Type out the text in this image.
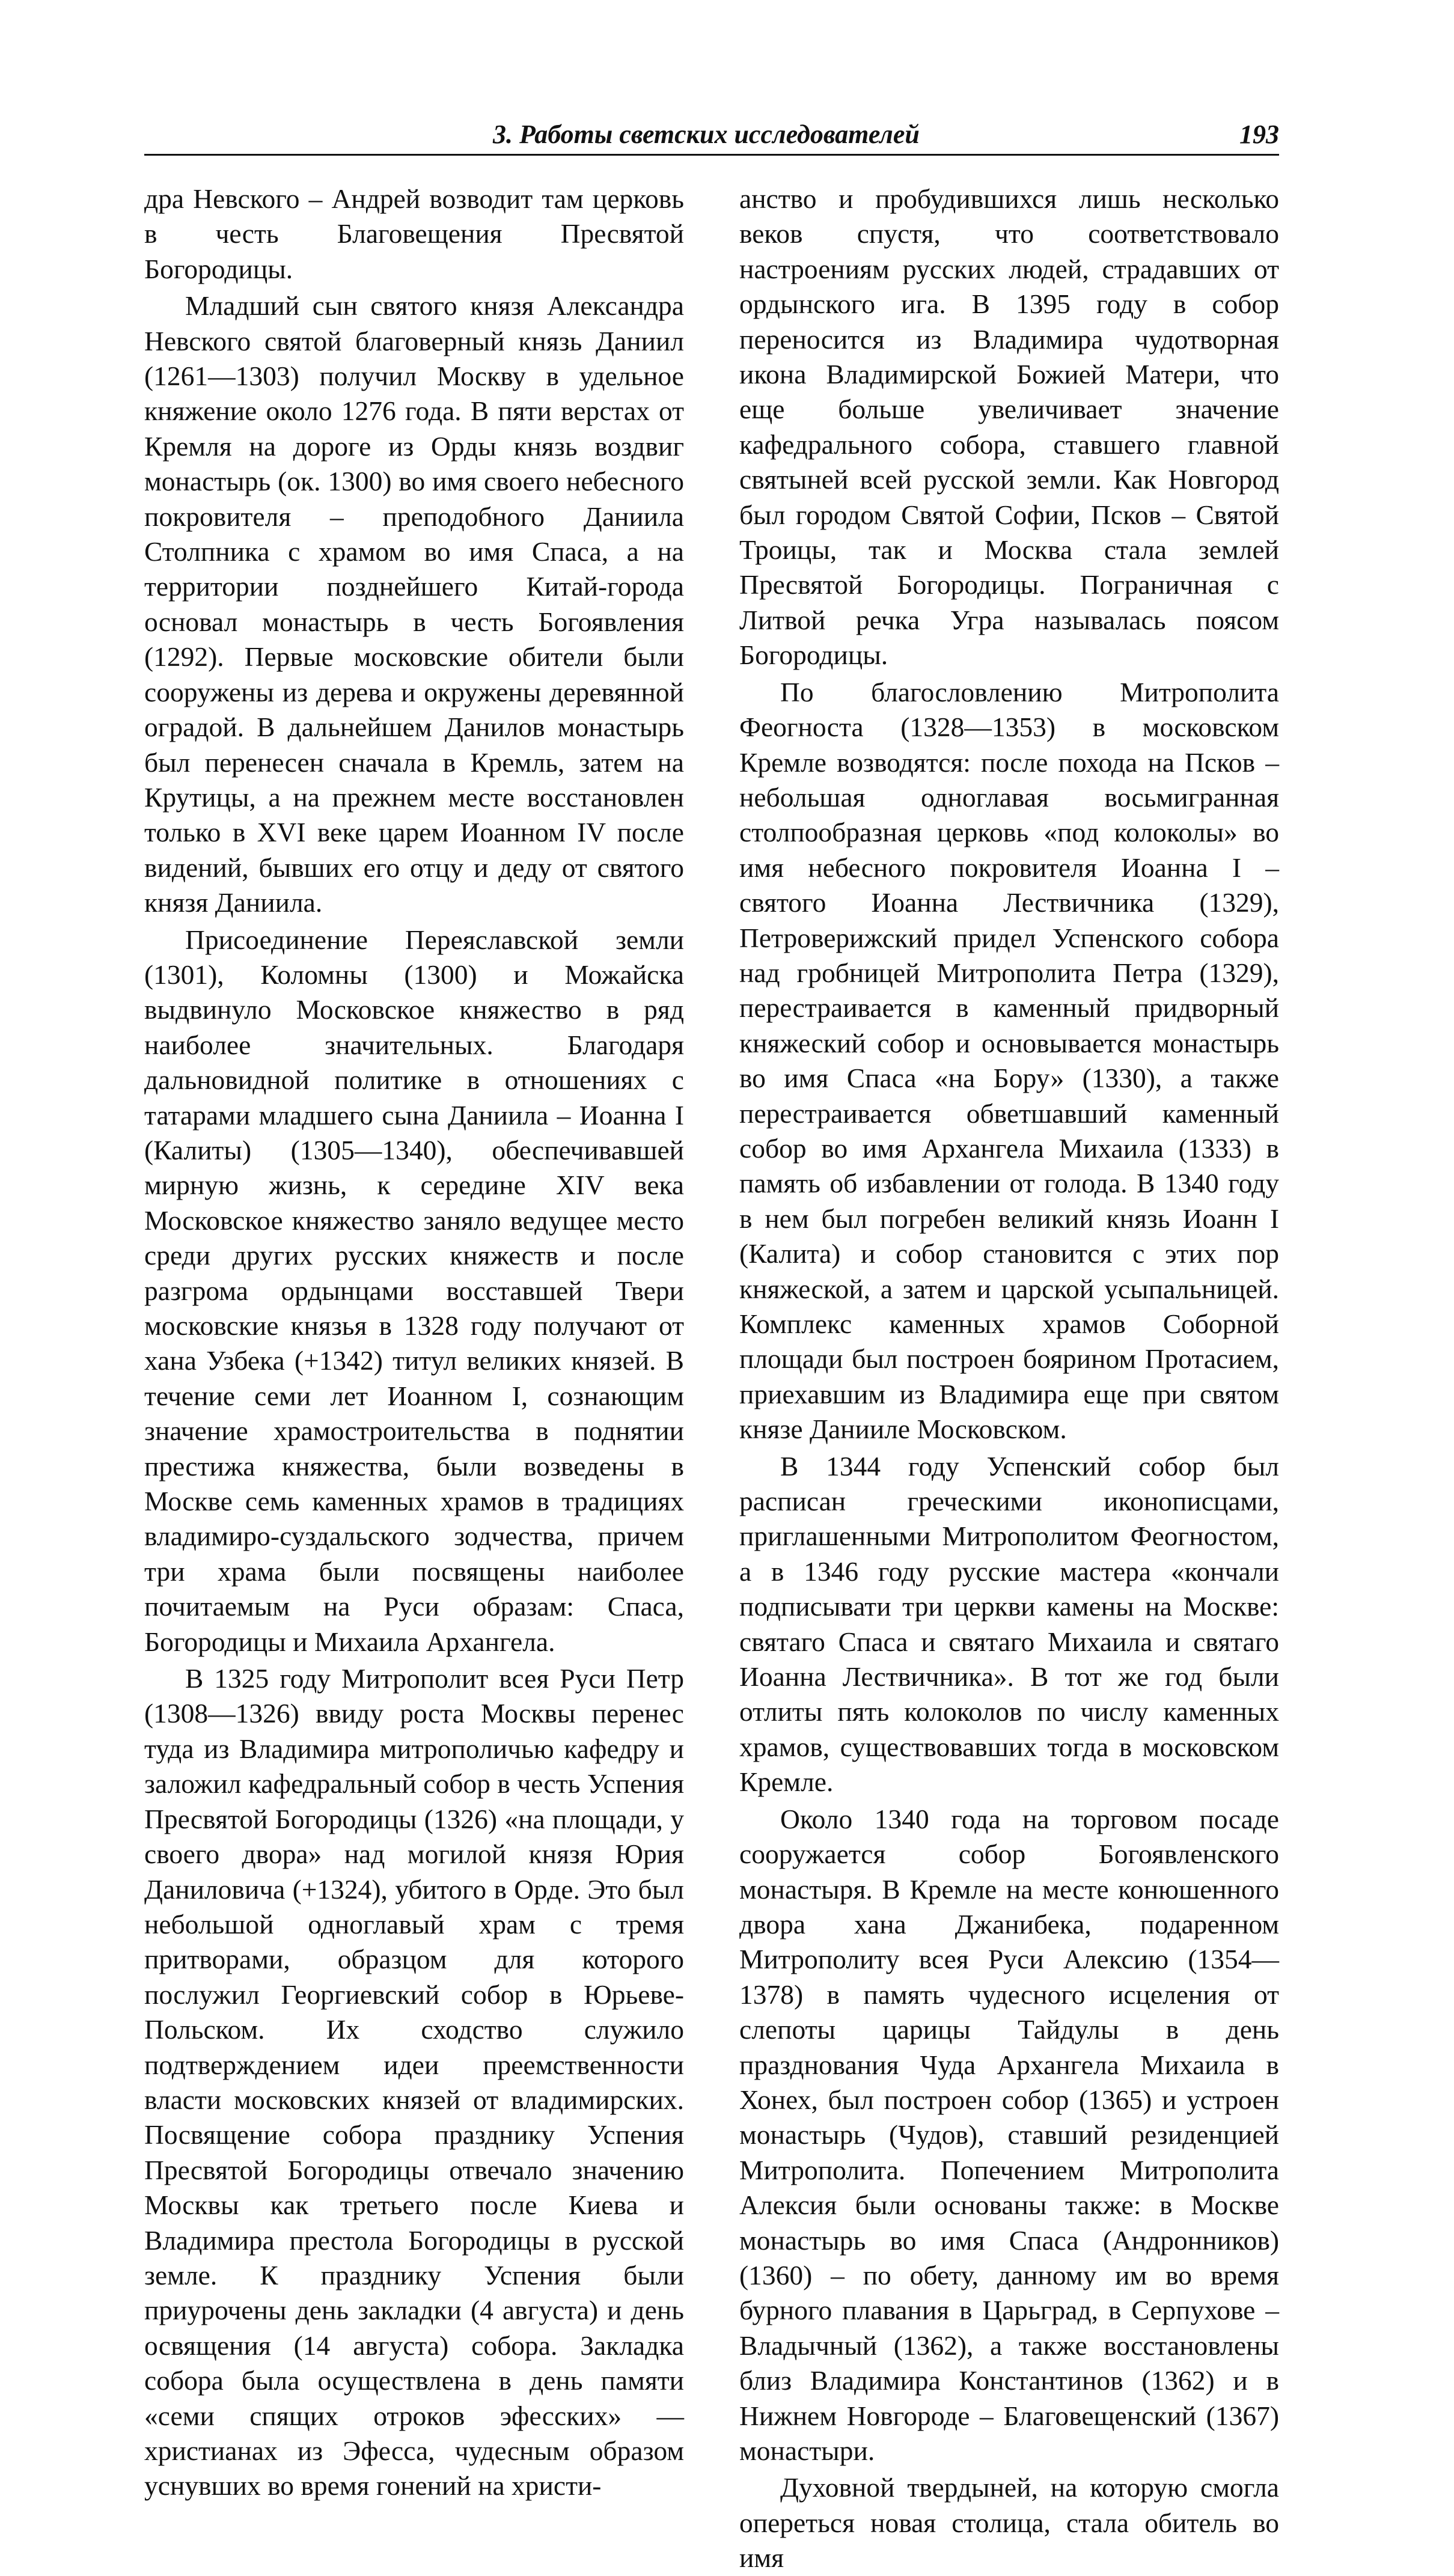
3. Работы светских исследователей	193

дра Невского – Андрей возводит там церковь в честь Благовещения Пресвятой Богородицы.

Младший сын святого князя Александра Невского святой благоверный князь Даниил (1261—1303) получил Москву в удельное княжение около 1276 года. В пяти верстах от Кремля на дороге из Орды князь воздвиг монастырь (ок. 1300) во имя своего небесного покровителя – преподобного Даниила Столпника с храмом во имя Спаса, а на территории позднейшего Китай-города основал монастырь в честь Богоявления (1292). Первые московские обители были сооружены из дерева и окружены деревянной оградой. В дальнейшем Данилов монастырь был перенесен сначала в Кремль, затем на Крутицы, а на прежнем месте восстановлен только в XVI веке царем Иоанном IV после видений, бывших его отцу и деду от святого князя Даниила.

Присоединение Переяславской земли (1301), Коломны (1300) и Можайска выдвинуло Московское княжество в ряд наиболее значительных. Благодаря дальновидной политике в отношениях с татарами младшего сына Даниила – Иоанна I (Калиты) (1305—1340), обеспечивавшей мирную жизнь, к середине XIV века Московское княжество заняло ведущее место среди других русских княжеств и после разгрома ордынцами восставшей Твери московские князья в 1328 году получают от хана Узбека (+1342) титул великих князей. В течение семи лет Иоанном I, сознающим значение храмостроительства в поднятии престижа княжества, были возведены в Москве семь каменных храмов в традициях владимиро-суздальского зодчества, причем три храма были посвящены наиболее почитаемым на Руси образам: Спаса, Богородицы и Михаила Архангела.

В 1325 году Митрополит всея Руси Петр (1308—1326) ввиду роста Москвы перенес туда из Владимира митрополичью кафедру и заложил кафедральный собор в честь Успения Пресвятой Богородицы (1326) «на площади, у своего двора» над могилой князя Юрия Даниловича (+1324), убитого в Орде. Это был небольшой одноглавый храм с тремя притворами, образцом для которого послужил Георгиевский собор в Юрьеве-Польском. Их сходство служило подтверждением идеи преемственности власти московских князей от владимирских. Посвящение собора празднику Успения Пресвятой Богородицы отвечало значению Москвы как третьего после Киева и Владимира престола Богородицы в русской земле. К празднику Успения были приурочены день закладки (4 августа) и день освящения (14 августа) собора. Закладка собора была осуществлена в день памяти «семи спящих отроков эфесских» — христианах из Эфесса, чудесным образом уснувших во время гонений на христи-

анство и пробудившихся лишь несколько веков спустя, что соответствовало настроениям русских людей, страдавших от ордынского ига. В 1395 году в собор переносится из Владимира чудотворная икона Владимирской Божией Матери, что еще больше увеличивает значение кафедрального собора, ставшего главной святыней всей русской земли. Как Новгород был городом Святой Софии, Псков – Святой Троицы, так и Москва стала землей Пресвятой Богородицы. Пограничная с Литвой речка Угра называлась поясом Богородицы.

По благословлению Митрополита Феогноста (1328—1353) в московском Кремле возводятся: после похода на Псков – небольшая одноглавая восьмигранная столпообразная церковь «под колоколы» во имя небесного покровителя Иоанна I – святого Иоанна Лествичника (1329), Петроверижский придел Успенского собора над гробницей Митрополита Петра (1329), перестраивается в каменный придворный княжеский собор и основывается монастырь во имя Спаса «на Бору» (1330), а также перестраивается обветшавший каменный собор во имя Архангела Михаила (1333) в память об избавлении от голода. В 1340 году в нем был погребен великий князь Иоанн I (Калита) и собор становится с этих пор княжеской, а затем и царской усыпальницей. Комплекс каменных храмов Соборной площади был построен боярином Протасием, приехавшим из Владимира еще при святом князе Данииле Московском.

В 1344 году Успенский собор был расписан греческими иконописцами, приглашенными Митрополитом Феогностом, а в 1346 году русские мастера «кончали подписывати три церкви камены на Москве: святаго Спаса и святаго Михаила и святаго Иоанна Лествичника». В тот же год были отлиты пять колоколов по числу каменных храмов, существовавших тогда в московском Кремле.

Около 1340 года на торговом посаде сооружается собор Богоявленского монастыря. В Кремле на месте конюшенного двора хана Джанибека, подаренном Митрополиту всея Руси Алексию (1354—1378) в память чудесного исцеления от слепоты царицы Тайдулы в день празднования Чуда Архангела Михаила в Хонех, был построен собор (1365) и устроен монастырь (Чудов), ставший резиденцией Митрополита. Попечением Митрополита Алексия были основаны также: в Москве монастырь во имя Спаса (Андронников) (1360) – по обету, данному им во время бурного плавания в Царьград, в Серпухове – Владычный (1362), а также восстановлены близ Владимира Константинов (1362) и в Нижнем Новгороде – Благовещенский (1367) монастыри.

Духовной твердыней, на которую смогла опереться новая столица, стала обитель во имя
